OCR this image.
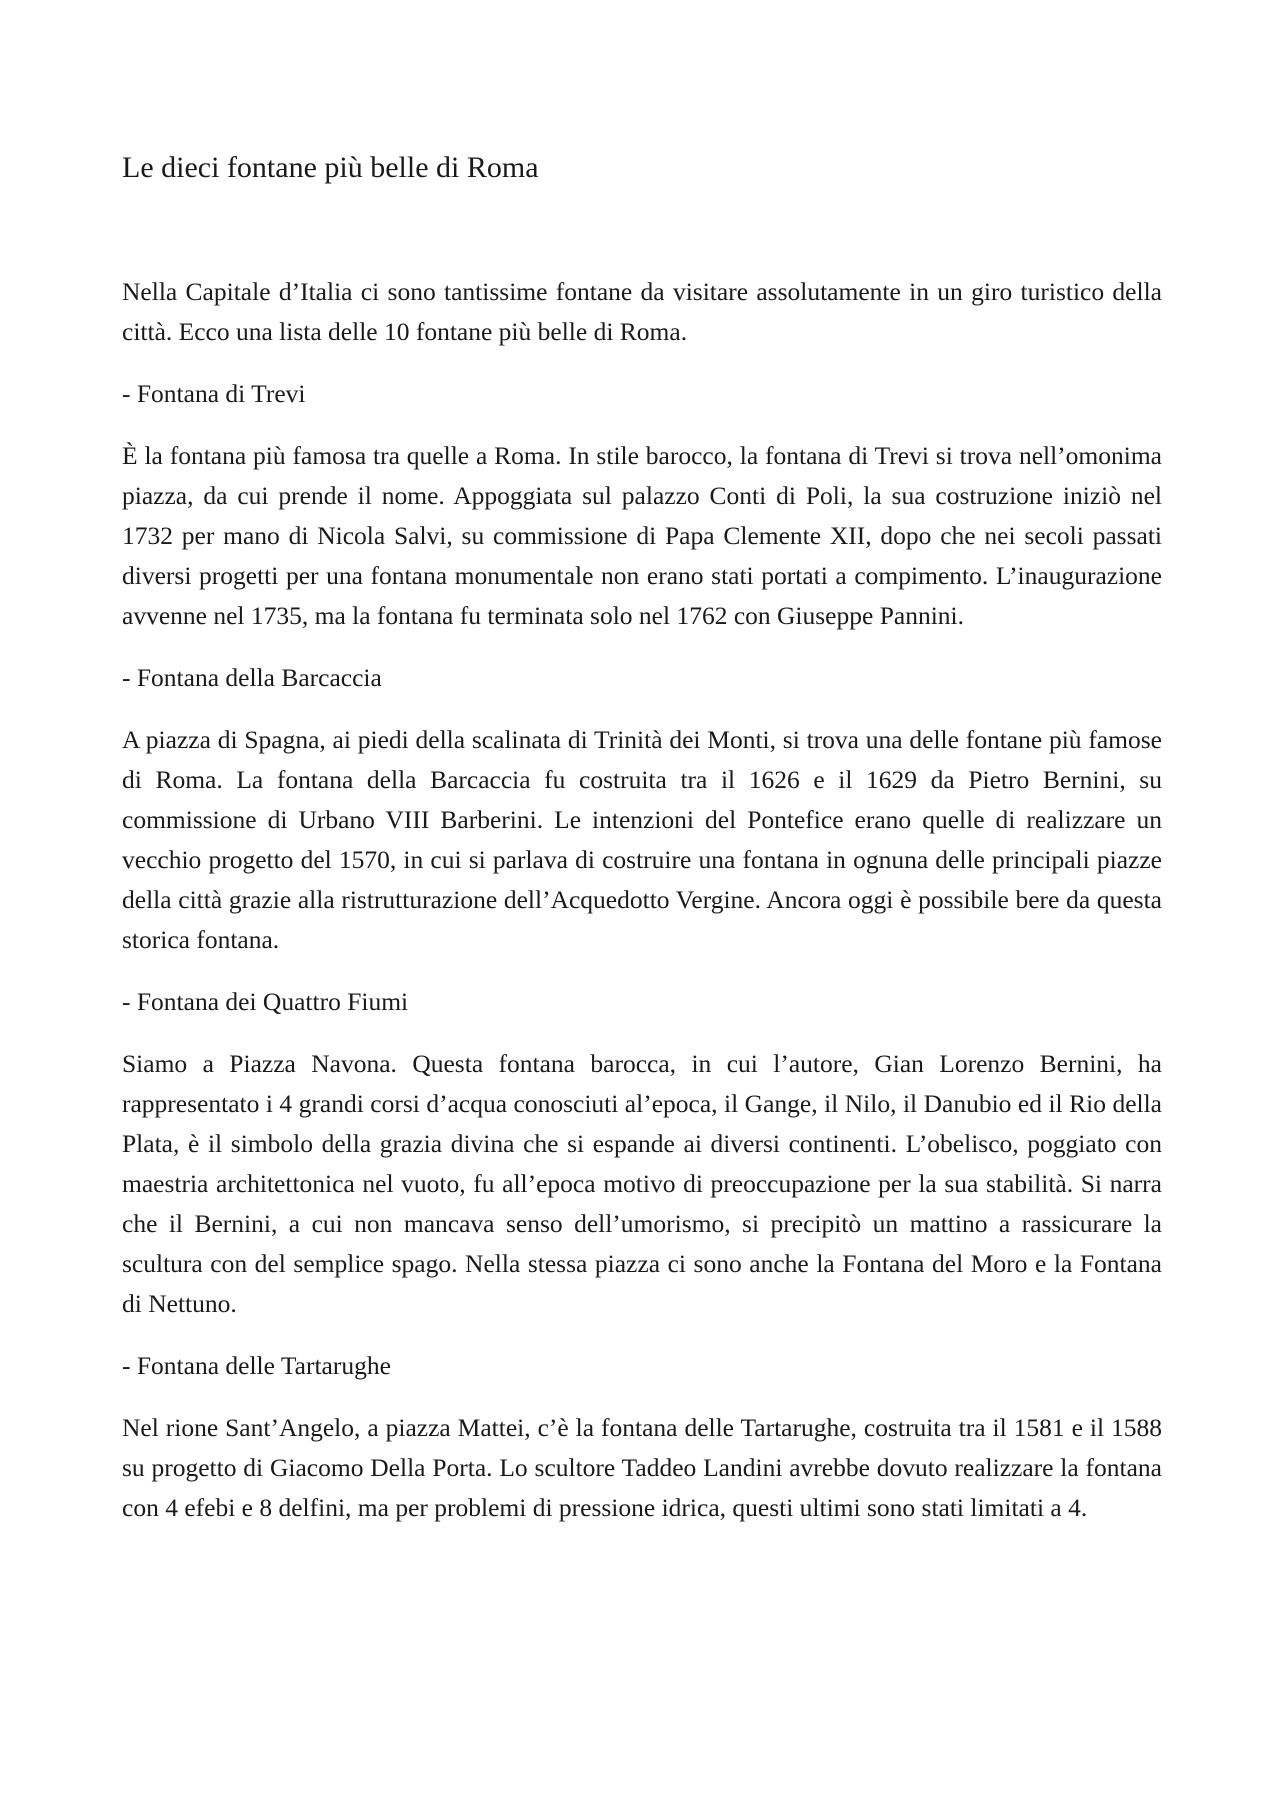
Le dieci fontane più belle di Roma

Nella Capitale d’Italia ci sono tantissime fontane da visitare assolutamente in un giro turistico della città. Ecco una lista delle 10 fontane più belle di Roma.

- Fontana di Trevi

È la fontana più famosa tra quelle a Roma. In stile barocco, la fontana di Trevi si trova nell’omonima piazza, da cui prende il nome. Appoggiata sul palazzo Conti di Poli, la sua costruzione iniziò nel 1732 per mano di Nicola Salvi, su commissione di Papa Clemente XII, dopo che nei secoli passati diversi progetti per una fontana monumentale non erano stati portati a compimento. L’inaugurazione avvenne nel 1735, ma la fontana fu terminata solo nel 1762 con Giuseppe Pannini.

- Fontana della Barcaccia

A piazza di Spagna, ai piedi della scalinata di Trinità dei Monti, si trova una delle fontane più famose di Roma. La fontana della Barcaccia fu costruita tra il 1626 e il 1629 da Pietro Bernini, su commissione di Urbano VIII Barberini. Le intenzioni del Pontefice erano quelle di realizzare un vecchio progetto del 1570, in cui si parlava di costruire una fontana in ognuna delle principali piazze della città grazie alla ristrutturazione dell’Acquedotto Vergine. Ancora oggi è possibile bere da questa storica fontana.

- Fontana dei Quattro Fiumi

Siamo a Piazza Navona. Questa fontana barocca, in cui l’autore, Gian Lorenzo Bernini, ha rappresentato i 4 grandi corsi d’acqua conosciuti al’epoca, il Gange, il Nilo, il Danubio ed il Rio della Plata, è il simbolo della grazia divina che si espande ai diversi continenti. L’obelisco, poggiato con maestria architettonica nel vuoto, fu all’epoca motivo di preoccupazione per la sua stabilità. Si narra che il Bernini, a cui non mancava senso dell’umorismo, si precipitò un mattino a rassicurare la scultura con del semplice spago. Nella stessa piazza ci sono anche la Fontana del Moro e la Fontana di Nettuno.

- Fontana delle Tartarughe

Nel rione Sant’Angelo, a piazza Mattei, c’è la fontana delle Tartarughe, costruita tra il 1581 e il 1588 su progetto di Giacomo Della Porta. Lo scultore Taddeo Landini avrebbe dovuto realizzare la fontana con 4 efebi e 8 delfini, ma per problemi di pressione idrica, questi ultimi sono stati limitati a 4.
